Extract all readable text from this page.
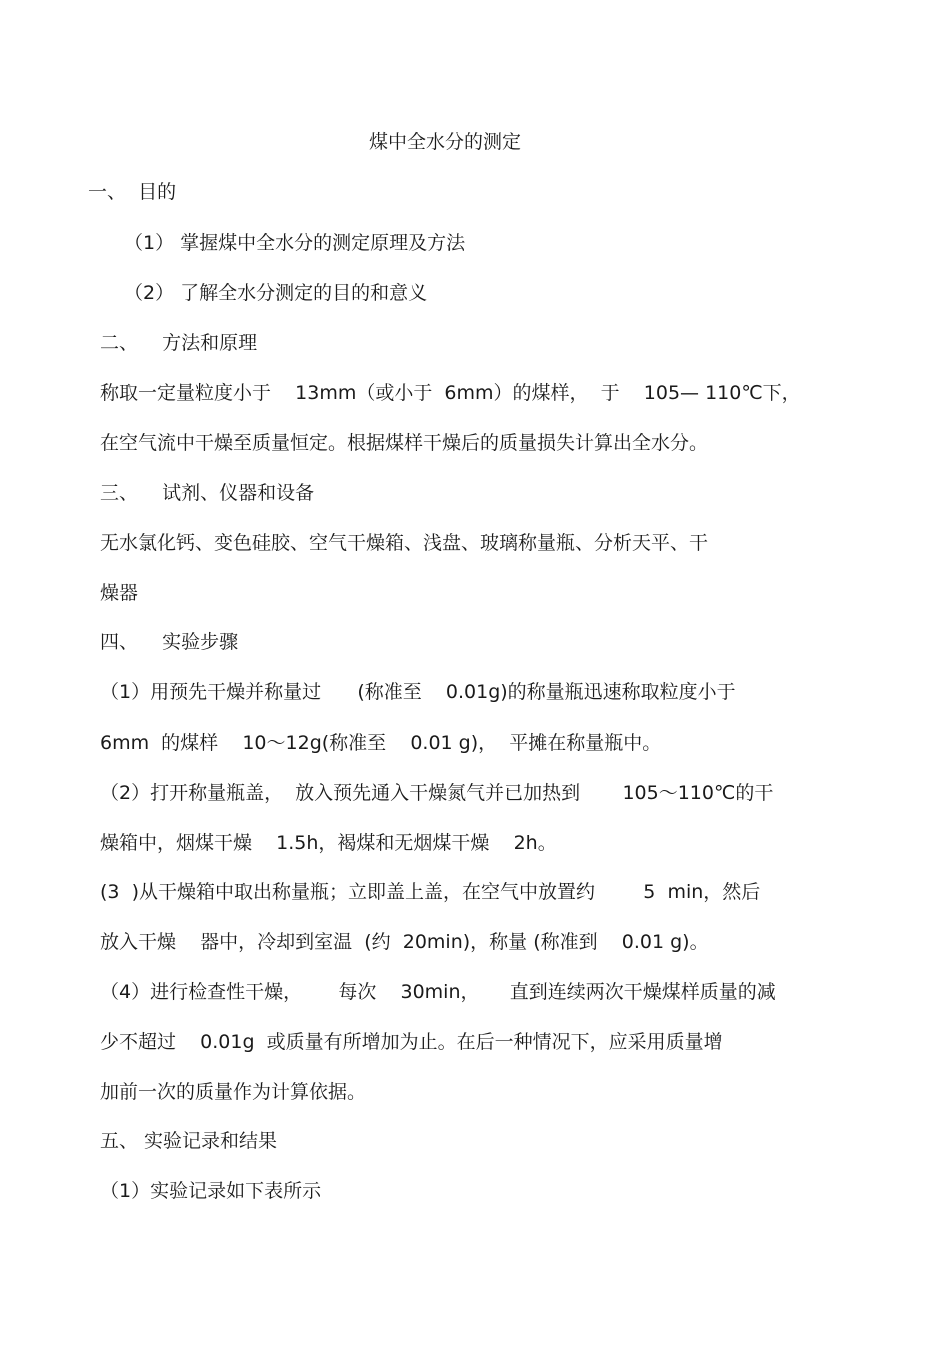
煤中全水分的测定
一、  目的
（1） 掌握煤中全水分的测定原理及方法
（2） 了解全水分测定的目的和意义
二、    方法和原理
称取一定量粒度小于    13mm（或小于  6mm）的煤样，  于    105— 110℃下，
在空气流中干燥至质量恒定。根据煤样干燥后的质量损失计算出全水分。
三、    试剂、仪器和设备
无水氯化钙、变色硅胶、空气干燥箱、浅盘、玻璃称量瓶、分析天平、干
燥器
四、    实验步骤
（1）用预先干燥并称量过      (称准至    0.01g)的称量瓶迅速称取粒度小于
6mm  的煤样    10～12g(称准至    0.01 g)，  平摊在称量瓶中。
（2）打开称量瓶盖，  放入预先通入干燥氮气并已加热到       105～110℃的干
燥箱中，烟煤干燥    1.5h，褐煤和无烟煤干燥    2h。
(3  )从干燥箱中取出称量瓶；立即盖上盖，在空气中放置约        5  min，然后
放入干燥    器中，冷却到室温  (约  20min)，称量 (称准到    0.01 g)。
（4）进行检查性干燥，      每次    30min，     直到连续两次干燥煤样质量的减
少不超过    0.01g  或质量有所增加为止。在后一种情况下，应采用质量增
加前一次的质量作为计算依据。
五、 实验记录和结果
（1）实验记录如下表所示
